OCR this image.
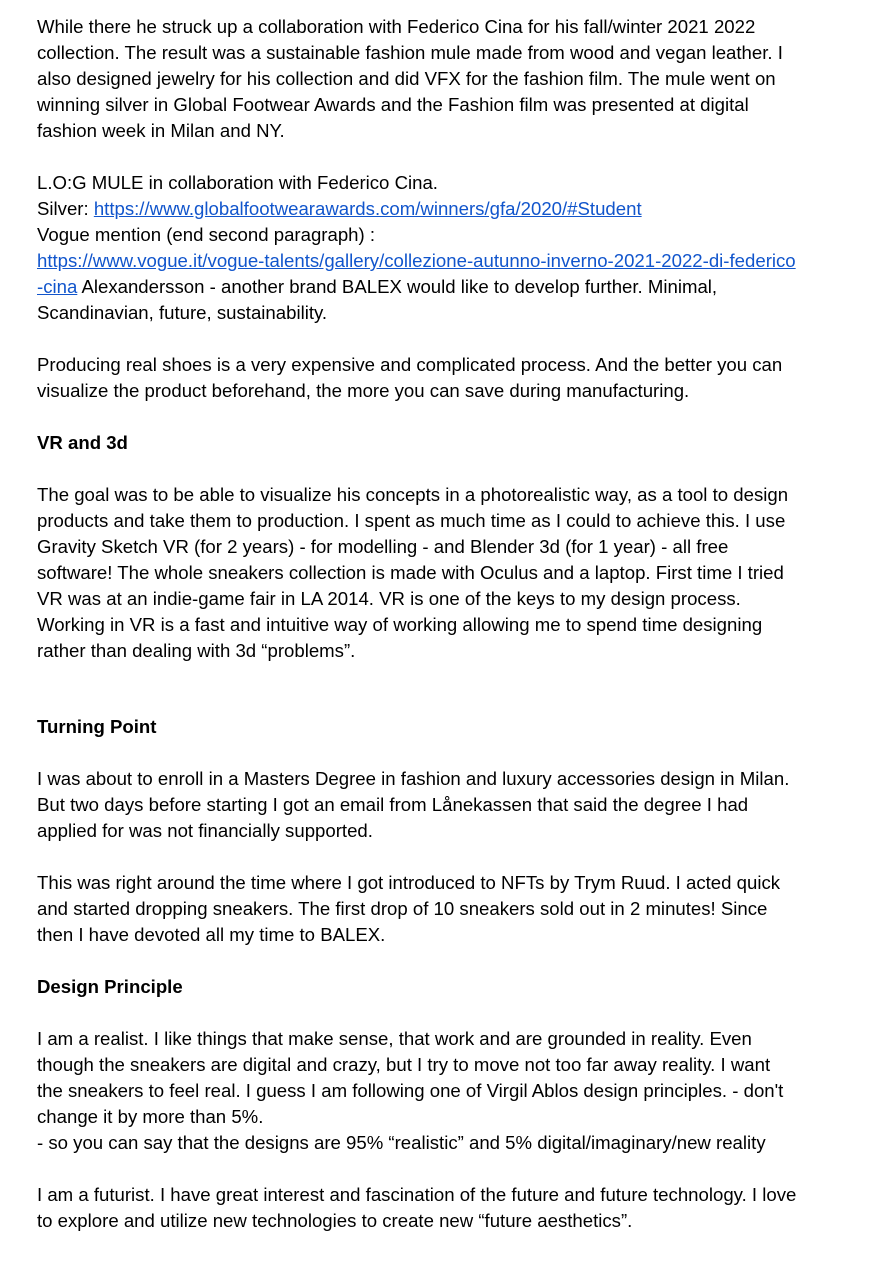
While there he struck up a collaboration with Federico Cina for his fall/winter 2021 2022
collection. The result was a sustainable fashion mule made from wood and vegan leather. I
also designed jewelry for his collection and did VFX for the fashion film. The mule went on
winning silver in Global Footwear Awards and the Fashion film was presented at digital
fashion week in Milan and NY.
L.O:G MULE in collaboration with Federico Cina.
Silver: https://www.globalfootwearawards.com/winners/gfa/2020/#Student
Vogue mention (end second paragraph) :
https://www.vogue.it/vogue-talents/gallery/collezione-autunno-inverno-2021-2022-di-federico
-cina Alexandersson - another brand BALEX would like to develop further. Minimal,
Scandinavian, future, sustainability.
Producing real shoes is a very expensive and complicated process. And the better you can
visualize the product beforehand, the more you can save during manufacturing.
VR and 3d
The goal was to be able to visualize his concepts in a photorealistic way, as a tool to design
products and take them to production. I spent as much time as I could to achieve this. I use
Gravity Sketch VR (for 2 years) - for modelling - and Blender 3d (for 1 year) - all free
software! The whole sneakers collection is made with Oculus and a laptop. First time I tried
VR was at an indie-game fair in LA 2014. VR is one of the keys to my design process.
Working in VR is a fast and intuitive way of working allowing me to spend time designing
rather than dealing with 3d “problems”.
Turning Point
I was about to enroll in a Masters Degree in fashion and luxury accessories design in Milan.
But two days before starting I got an email from Lånekassen that said the degree I had
applied for was not financially supported.
This was right around the time where I got introduced to NFTs by Trym Ruud. I acted quick
and started dropping sneakers. The first drop of 10 sneakers sold out in 2 minutes! Since
then I have devoted all my time to BALEX.
Design Principle
I am a realist. I like things that make sense, that work and are grounded in reality. Even
though the sneakers are digital and crazy, but I try to move not too far away reality. I want
the sneakers to feel real. I guess I am following one of Virgil Ablos design principles. - don't
change it by more than 5%.
- so you can say that the designs are 95% “realistic” and 5% digital/imaginary/new reality
I am a futurist. I have great interest and fascination of the future and future technology. I love
to explore and utilize new technologies to create new “future aesthetics”.
